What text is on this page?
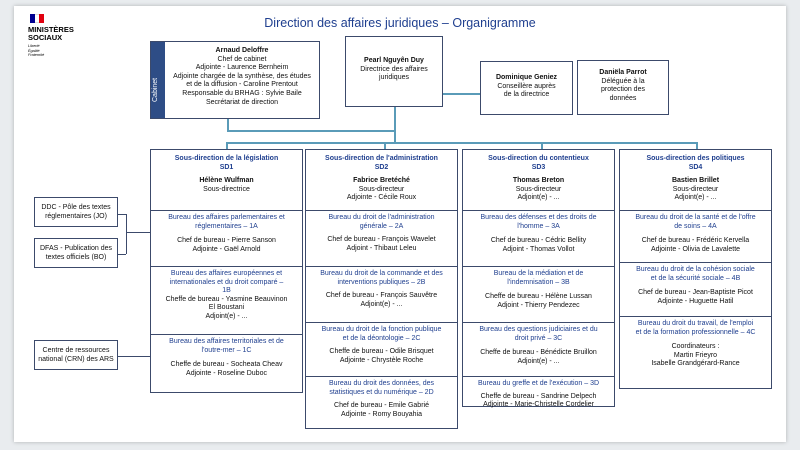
MINISTÈRES
SOCIAUX
Liberté
Égalité
Fraternité
Direction des affaires juridiques – Organigramme
Cabinet
Arnaud Deloffre
Chef de cabinet
Adjointe - Laurence Bernheim
Adjointe chargée de la synthèse, des études
et de la diffusion - Caroline Prentout
Responsable du BRHAG : Sylvie Baile
Secrétariat de direction
Pearl Nguyên Duy
Directrice des affaires
juridiques	Dominique Geniez
Conseillère auprès
de la directrice
Daniëla Parrot
Déléguée à la
protection des
données
DDC - Pôle des textes
réglementaires (JO)
DFAS - Publication des
textes officiels (BO)
Centre de ressources
national (CRN) des ARS
Sous-direction de la législation
SD1
Hélène Wulfman
Sous-directrice
Bureau des affaires parlementaires et
réglementaires – 1A
Chef de bureau - Pierre Sanson
Adjointe - Gaël Arnold
Bureau des affaires européennes et
internationales et du droit comparé –
1B
Cheffe de bureau - Yasmine Beauvinon
El Boustani
Adjoint(e) - ...
Bureau des affaires territoriales et de
l'outre-mer – 1C
Cheffe de bureau - Socheata Cheav
Adjointe - Roseline Duboc
Sous-direction de l'administration
SD2
Fabrice Bretéché
Sous-directeur
Adjointe - Cécile Roux
Bureau du droit de l'administration
générale – 2A
Chef de bureau - François Wavelet
Adjoint - Thibaut Leleu
Bureau du droit de la commande et des
interventions publiques – 2B
Chef de bureau - François Sauvêtre
Adjoint(e) - ...
Bureau du droit de la fonction publique
et de la déontologie – 2C
Cheffe de bureau - Odile Brisquet
Adjointe - Chrystèle Roche
Bureau du droit des données, des
statistiques et du numérique – 2D
Chef de bureau - Emile Gabrié
Adjointe - Romy Bouyahia
Sous-direction du contentieux
SD3
Thomas Breton
Sous-directeur
Adjoint(e) - ...
Bureau des défenses et des droits de
l'homme – 3A
Chef de bureau - Cédric Bellity
Adjoint - Thomas Vollot
Bureau de la médiation et de
l'indemnisation – 3B
Cheffe de bureau - Hélène Lussan
Adjoint - Thierry Pendezec
Bureau des questions judiciaires et du
droit privé – 3C
Cheffe de bureau - Bénédicte Bruillon
Adjoint(e) - ...
Bureau du greffe et de l'exécution – 3D
Cheffe de bureau - Sandrine Delpech
Adjointe - Marie-Christelle Cordelier
Sous-direction des politiques
SD4
Bastien Brillet
Sous-directeur
Adjoint(e) - ...
Bureau du droit de la santé et de l'offre
de soins – 4A
Chef de bureau - Frédéric Kervella
Adjointe - Olivia de Lavalette
Bureau du droit de la cohésion sociale
et de la sécurité sociale – 4B
Chef de bureau - Jean-Baptiste Picot
Adjointe - Huguette Hatil
Bureau du droit du travail, de l'emploi
et de la formation professionnelle – 4C
Coordinateurs :
Martin Frieyro
Isabelle Grandgérard-Rance
